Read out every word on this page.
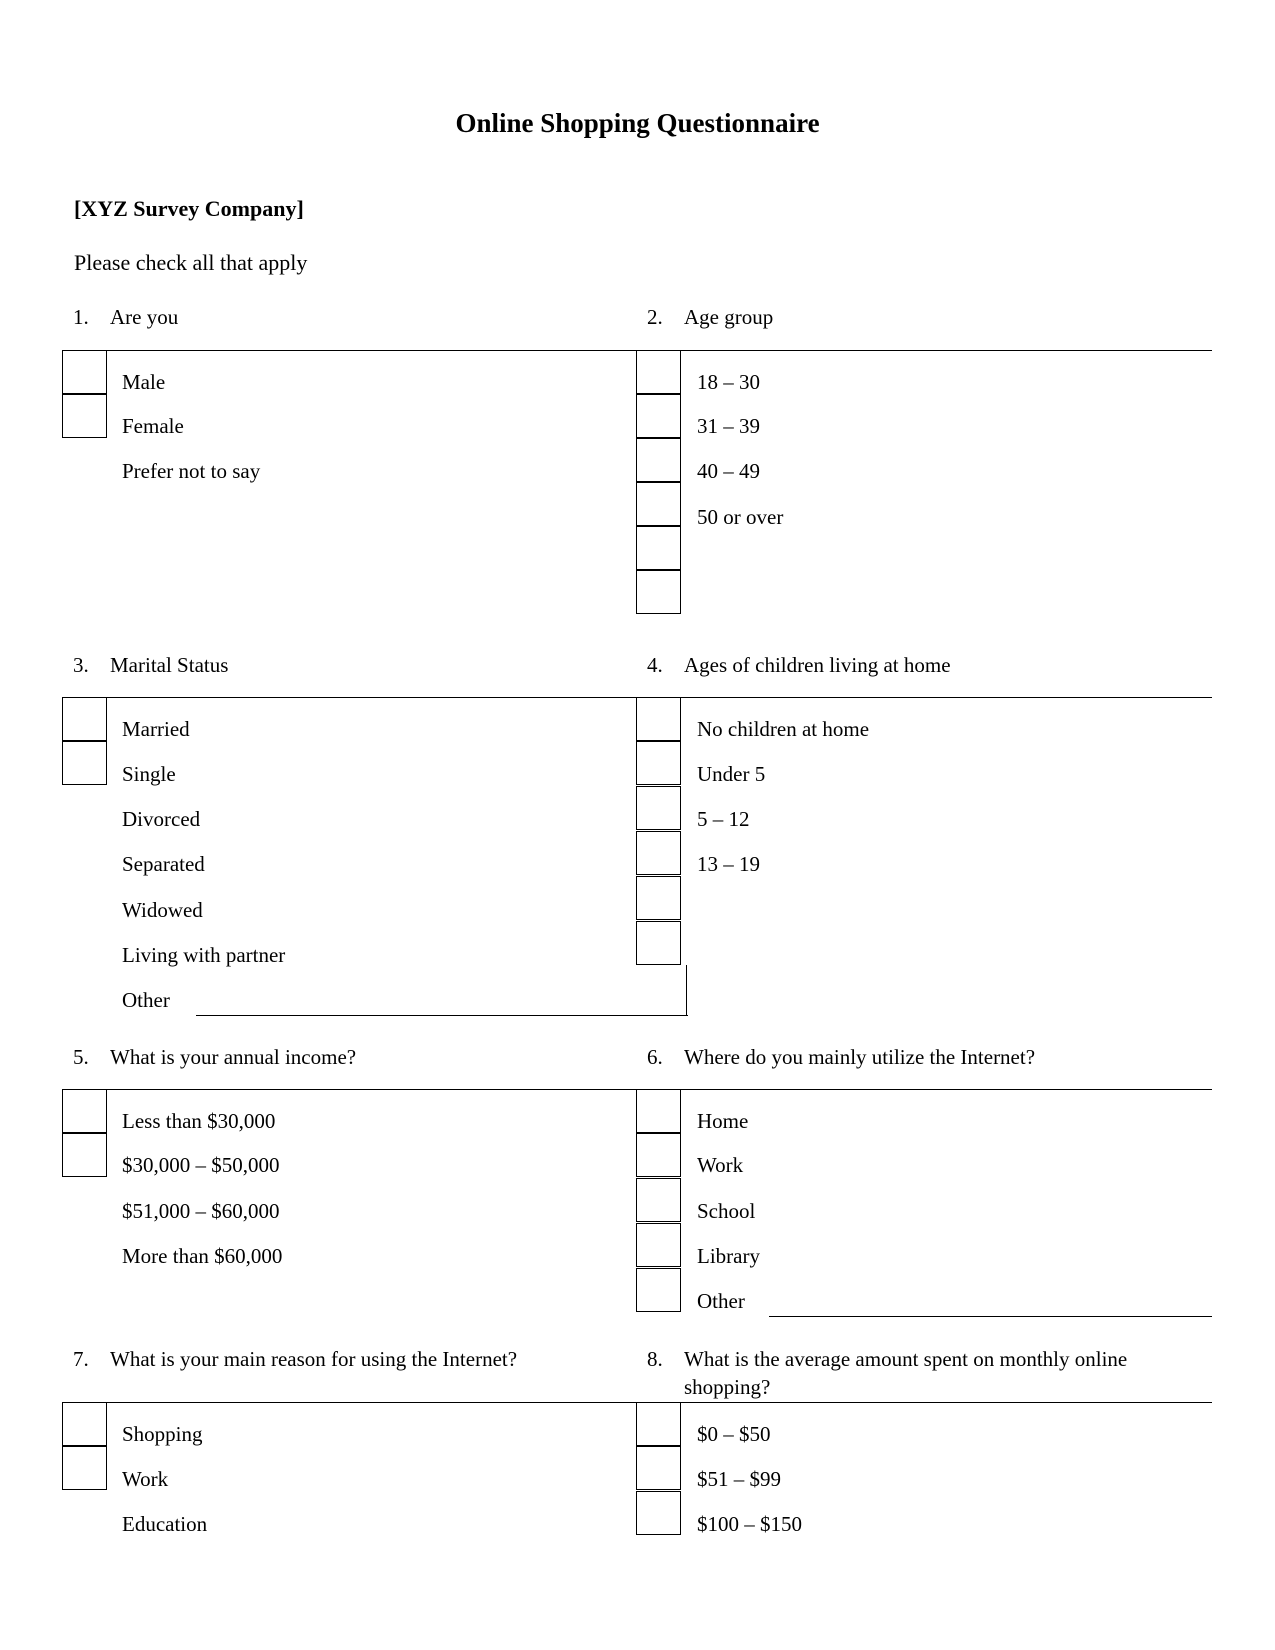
Online Shopping Questionnaire
[XYZ Survey Company]
Please check all that apply
1. Are you
Male
Female
Prefer not to say
2. Age group
18 – 30
31 – 39
40 – 49
50 or over
3. Marital Status
Married
Single
Divorced
Separated
Widowed
Living with partner
Other
4. Ages of children living at home
No children at home
Under 5
5 – 12
13 – 19
5. What is your annual income?
Less than $30,000
$30,000 – $50,000
$51,000 – $60,000
More than $60,000
6. Where do you mainly utilize the Internet?
Home
Work
School
Library
Other
7. What is your main reason for using the Internet?
Shopping
Work
Education
8. What is the average amount spent on monthly online shopping?
$0 – $50
$51 – $99
$100 – $150
